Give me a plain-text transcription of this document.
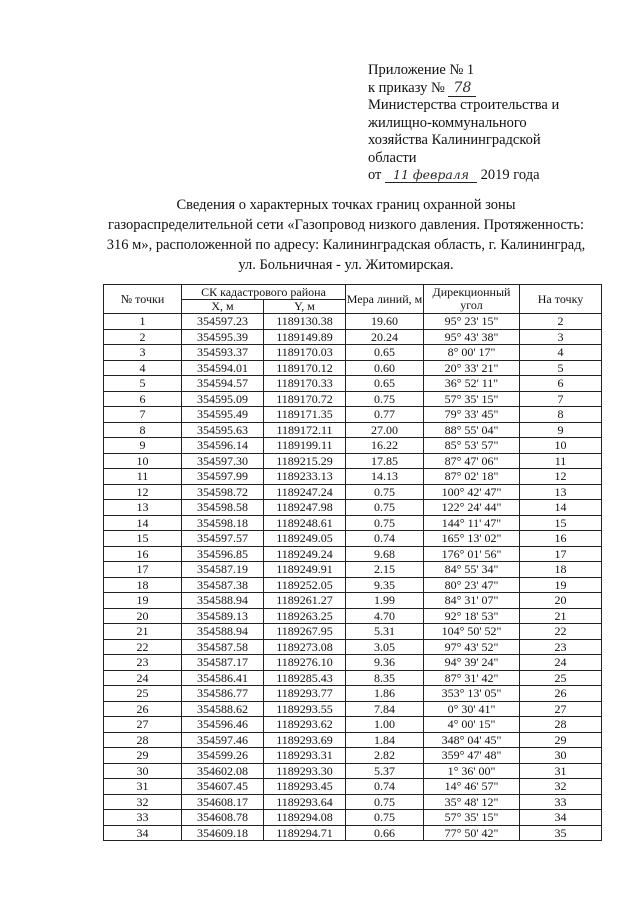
Приложение № 1
к приказу № 78
Министерства строительства и
жилищно-коммунального
хозяйства Калининградской
области
от 11 февраля 2019 года
Сведения о характерных точках границ охранной зоны
газораспределительной сети «Газопровод низкого давления. Протяженность:
316 м», расположенной по адресу: Калининградская область, г. Калининград,
ул. Больничная - ул. Житомирская.
№ точки	СК кадастрового района		Мера линий, м	Дирекционный угол	На точку
	X, м	Y, м			
1	354597.23	1189130.38	19.60	95° 23' 15"	2
2	354595.39	1189149.89	20.24	95° 43' 38"	3
3	354593.37	1189170.03	0.65	8° 00' 17"	4
4	354594.01	1189170.12	0.60	20° 33' 21"	5
5	354594.57	1189170.33	0.65	36° 52' 11"	6
6	354595.09	1189170.72	0.75	57° 35' 15"	7
7	354595.49	1189171.35	0.77	79° 33' 45"	8
8	354595.63	1189172.11	27.00	88° 55' 04"	9
9	354596.14	1189199.11	16.22	85° 53' 57"	10
10	354597.30	1189215.29	17.85	87° 47' 06"	11
11	354597.99	1189233.13	14.13	87° 02' 18"	12
12	354598.72	1189247.24	0.75	100° 42' 47"	13
13	354598.58	1189247.98	0.75	122° 24' 44"	14
14	354598.18	1189248.61	0.75	144° 11' 47"	15
15	354597.57	1189249.05	0.74	165° 13' 02"	16
16	354596.85	1189249.24	9.68	176° 01' 56"	17
17	354587.19	1189249.91	2.15	84° 55' 34"	18
18	354587.38	1189252.05	9.35	80° 23' 47"	19
19	354588.94	1189261.27	1.99	84° 31' 07"	20
20	354589.13	1189263.25	4.70	92° 18' 53"	21
21	354588.94	1189267.95	5.31	104° 50' 52"	22
22	354587.58	1189273.08	3.05	97° 43' 52"	23
23	354587.17	1189276.10	9.36	94° 39' 24"	24
24	354586.41	1189285.43	8.35	87° 31' 42"	25
25	354586.77	1189293.77	1.86	353° 13' 05"	26
26	354588.62	1189293.55	7.84	0° 30' 41"	27
27	354596.46	1189293.62	1.00	4° 00' 15"	28
28	354597.46	1189293.69	1.84	348° 04' 45"	29
29	354599.26	1189293.31	2.82	359° 47' 48"	30
30	354602.08	1189293.30	5.37	1° 36' 00"	31
31	354607.45	1189293.45	0.74	14° 46' 57"	32
32	354608.17	1189293.64	0.75	35° 48' 12"	33
33	354608.78	1189294.08	0.75	57° 35' 15"	34
34	354609.18	1189294.71	0.66	77° 50' 42"	35
